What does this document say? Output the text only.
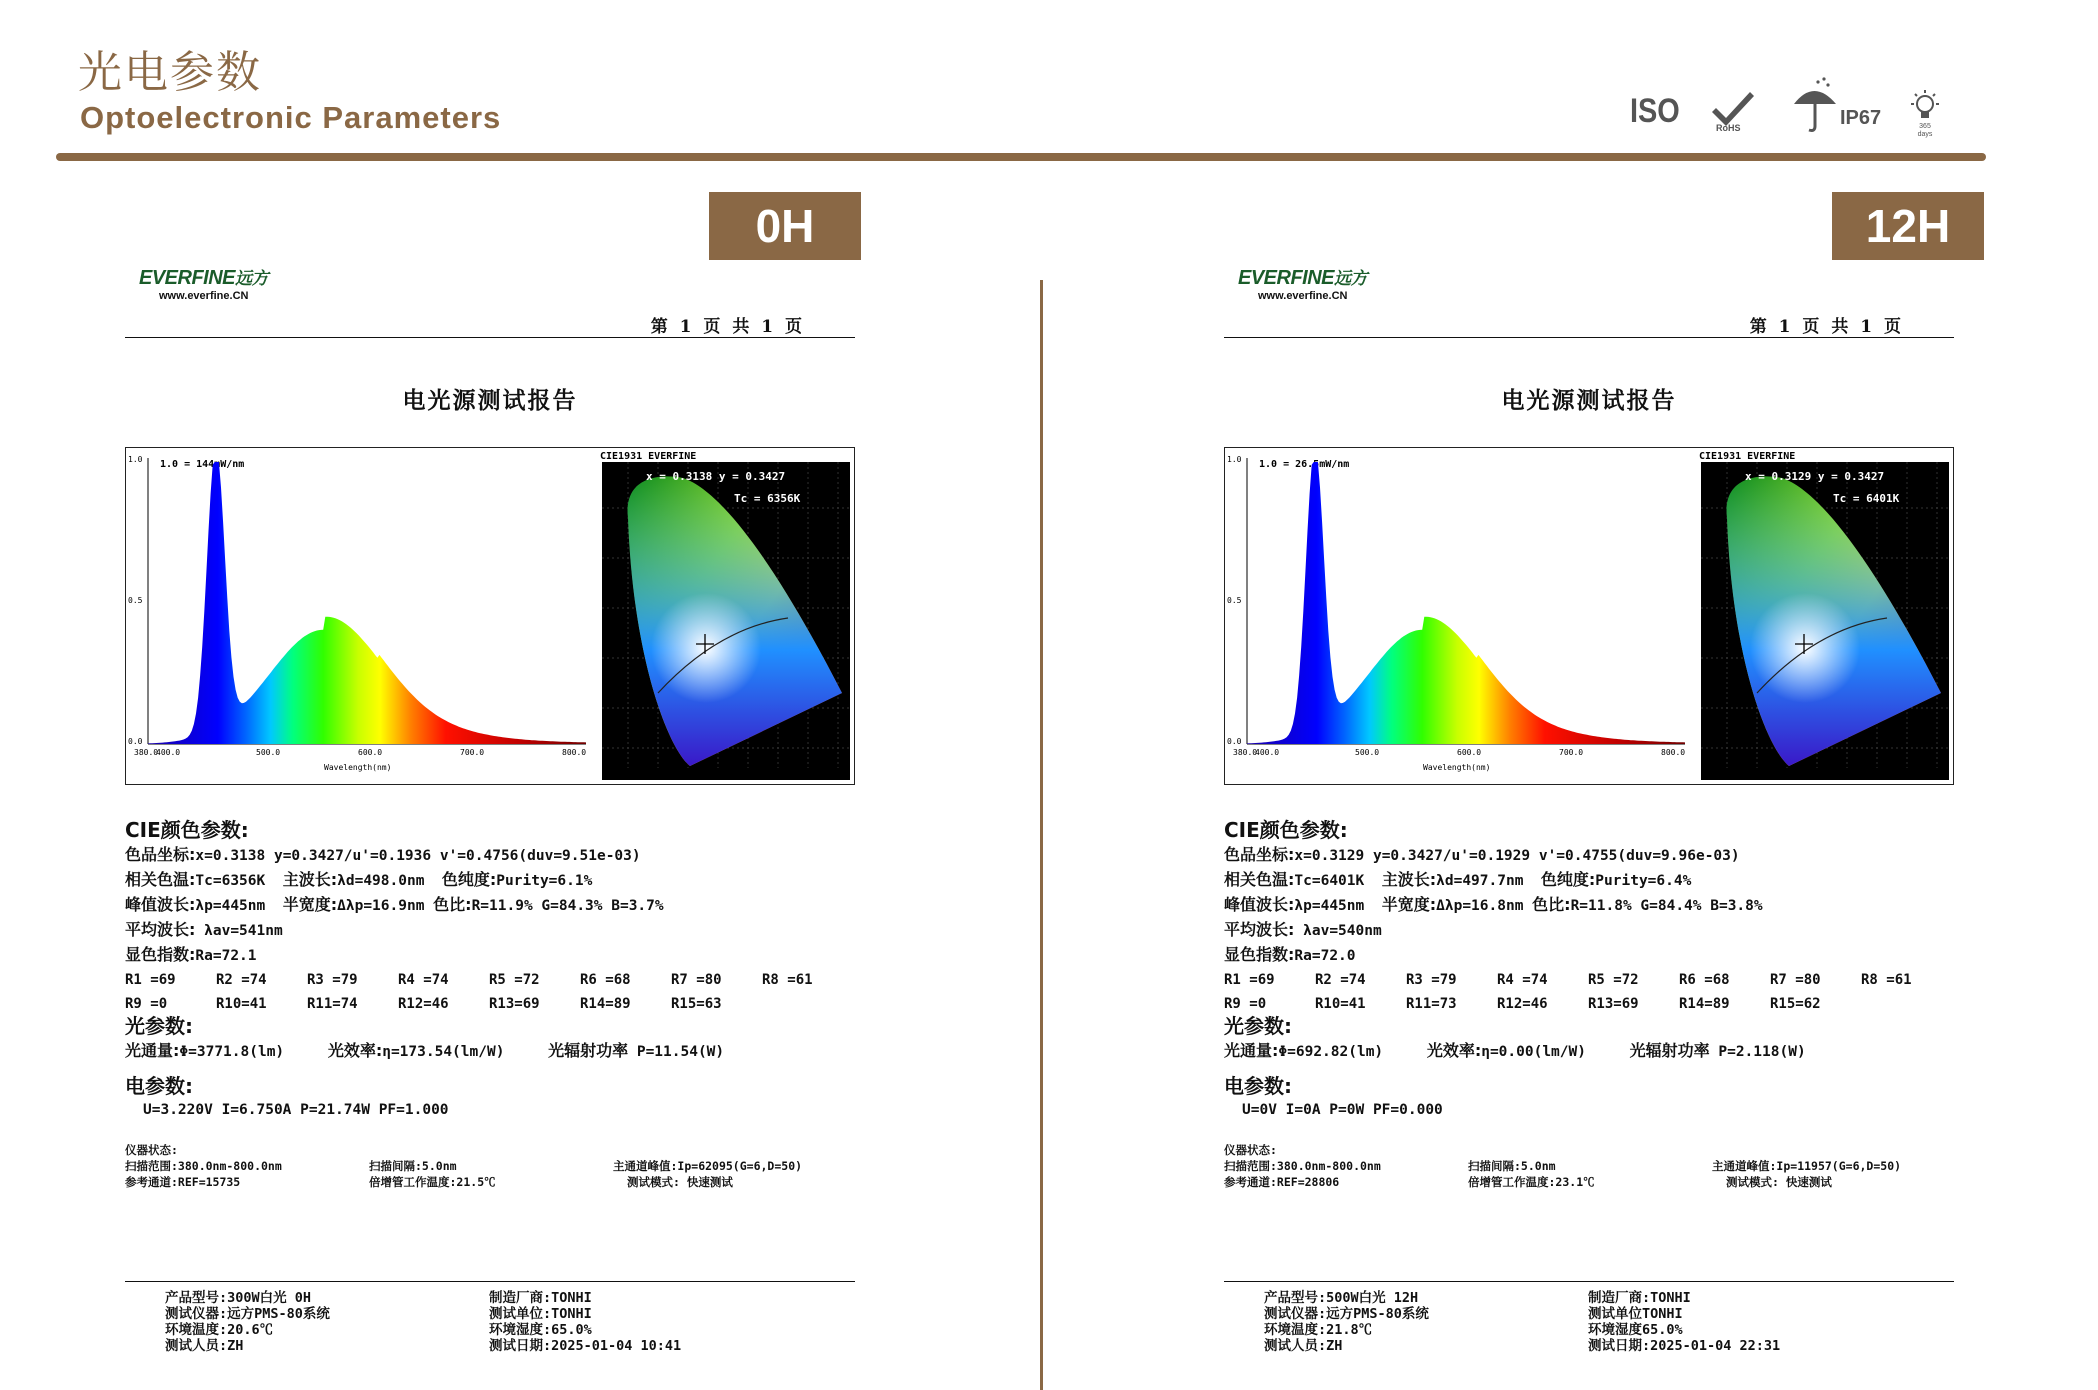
光电参数
Optoelectronic Parameters	ISO	RoHS	IP67	365
days
0H	12H
EVERFINE远方
www.everfine.CN
第 1 页 共 1 页
电光源测试报告
1.0
0.5
0.0
1.0 = 144mW/nm
380.0
400.0	500.0	600.0	700.0	800.0
Wavelength(nm)
CIE1931 EVERFINE
x = 0.3138 y = 0.3427
Tc = 6356K
CIE颜色参数:
色品坐标:x=0.3138 y=0.3427/u'=0.1936 v'=0.4756(duv=9.51e-03)
相关色温:Tc=6356K  主波长:λd=498.0nm  色纯度:Purity=6.1%
峰值波长:λp=445nm  半宽度:Δλp=16.9nm 色比:R=11.9% G=84.3% B=3.7%
平均波长: λav=541nm
显色指数:Ra=72.1
R1 =69	R2 =74	R3 =79	R4 =74	R5 =72	R6 =68	R7 =80	R8 =61
R9 =0	R10=41	R11=74	R12=46	R13=69	R14=89	R15=63
光参数:
光通量:Φ=3771.8(lm)     光效率:η=173.54(lm/W)     光辐射功率 P=11.54(W)
电参数:
U=3.220V I=6.750A P=21.74W PF=1.000
仪器状态:
扫描范围:380.0nm-800.0nm
参考通道:REF=15735
扫描间隔:5.0nm
倍增管工作温度:21.5℃
主通道峰值:Ip=62095(G=6,D=50)
测试模式: 快速测试
产品型号:300W白光 0H
测试仪器:远方PMS-80系统
环境温度:20.6℃
测试人员:ZH
制造厂商:TONHI
测试单位:TONHI
环境湿度:65.0%
测试日期:2025-01-04 10:41
EVERFINE远方
www.everfine.CN
第 1 页 共 1 页
电光源测试报告
1.0
0.5
0.0
1.0 = 26.5mW/nm
380.0
400.0	500.0	600.0	700.0	800.0
Wavelength(nm)
CIE1931 EVERFINE
x = 0.3129 y = 0.3427
Tc = 6401K
CIE颜色参数:
色品坐标:x=0.3129 y=0.3427/u'=0.1929 v'=0.4755(duv=9.96e-03)
相关色温:Tc=6401K  主波长:λd=497.7nm  色纯度:Purity=6.4%
峰值波长:λp=445nm  半宽度:Δλp=16.8nm 色比:R=11.8% G=84.4% B=3.8%
平均波长: λav=540nm
显色指数:Ra=72.0
R1 =69	R2 =74	R3 =79	R4 =74	R5 =72	R6 =68	R7 =80	R8 =61
R9 =0	R10=41	R11=73	R12=46	R13=69	R14=89	R15=62
光参数:
光通量:Φ=692.82(lm)     光效率:η=0.00(lm/W)     光辐射功率 P=2.118(W)
电参数:
U=0V I=0A P=0W PF=0.000
仪器状态:
扫描范围:380.0nm-800.0nm
参考通道:REF=28806
扫描间隔:5.0nm
倍增管工作温度:23.1℃
主通道峰值:Ip=11957(G=6,D=50)
测试模式: 快速测试
产品型号:500W白光 12H
测试仪器:远方PMS-80系统
环境温度:21.8℃
测试人员:ZH
制造厂商:TONHI
测试单位TONHI
环境湿度65.0%
测试日期:2025-01-04 22:31
